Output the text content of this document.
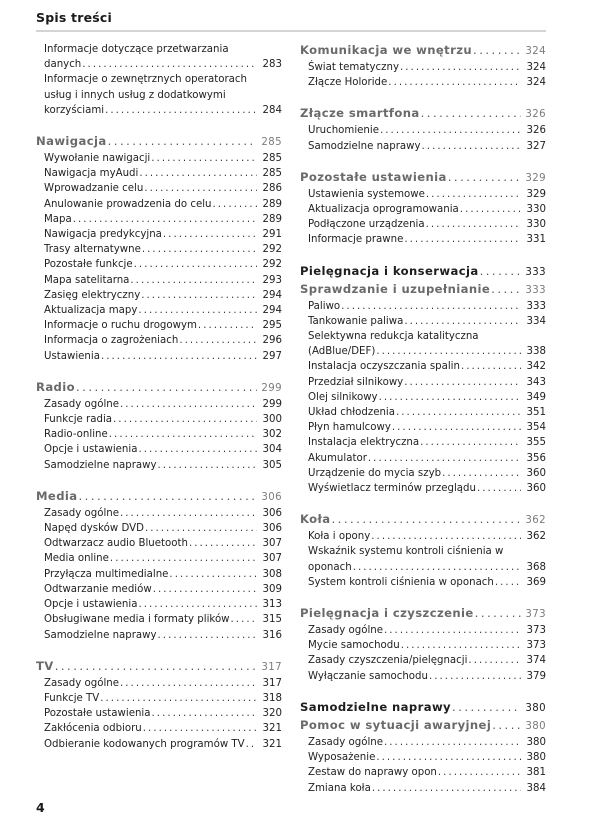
Spis treści
Informacje dotyczące przetwarzania
danych . . .	283
Informacje o zewnętrznych operatorach
usług i innych usług z dodatkowymi
korzyściami . . .	284
Nawigacja . . .	285
Wywołanie nawigacji . . .	285
Nawigacja myAudi . . .	285
Wprowadzanie celu . . .	286
Anulowanie prowadzenia do celu . . .	289
Mapa . . .	289
Nawigacja predykcyjna . . .	291
Trasy alternatywne . . .	292
Pozostałe funkcje . . .	292
Mapa satelitarna . . .	293
Zasięg elektryczny . . .	294
Aktualizacja mapy . . .	294
Informacje o ruchu drogowym . . .	295
Informacja o zagrożeniach . . .	296
Ustawienia . . .	297
Radio . . .	299
Zasady ogólne . . .	299
Funkcje radia . . .	300
Radio-online . . .	302
Opcje i ustawienia . . .	304
Samodzielne naprawy . . .	305
Media . . .	306
Zasady ogólne . . .	306
Napęd dysków DVD . . .	306
Odtwarzacz audio Bluetooth . . .	307
Media online . . .	307
Przyłącza multimedialne . . .	308
Odtwarzanie mediów . . .	309
Opcje i ustawienia . . .	313
Obsługiwane media i formaty plików . . .	315
Samodzielne naprawy . . .	316
TV . . .	317
Zasady ogólne . . .	317
Funkcje TV . . .	318
Pozostałe ustawienia . . .	320
Zakłócenia odbioru . . .	321
Odbieranie kodowanych programów TV . . . 321
Komunikacja we wnętrzu . . .	324
Świat tematyczny . . .	324
Złącze Holoride . . .	324
Złącze smartfona . . .	326
Uruchomienie . . .	326
Samodzielne naprawy . . .	327
Pozostałe ustawienia . . .	329
Ustawienia systemowe . . .	329
Aktualizacja oprogramowania . . .	330
Podłączone urządzenia . . .	330
Informacje prawne . . .	331
Pielęgnacja i konserwacja . . .	333
Sprawdzanie i uzupełnianie . . .	333
Paliwo . . .	333
Tankowanie paliwa . . .	334
Selektywna redukcja katalityczna
(AdBlue/DEF) . . .	338
Instalacja oczyszczania spalin . . .	342
Przedział silnikowy . . .	343
Olej silnikowy . . .	349
Układ chłodzenia . . .	351
Płyn hamulcowy . . .	354
Instalacja elektryczna . . .	355
Akumulator . . .	356
Urządzenie do mycia szyb . . .	360
Wyświetlacz terminów przeglądu . . .	360
Koła . . .	362
Koła i opony . . .	362
Wskaźnik systemu kontroli ciśnienia w
oponach . . .	368
System kontroli ciśnienia w oponach . . .	369
Pielęgnacja i czyszczenie . . .	373
Zasady ogólne . . .	373
Mycie samochodu . . .	373
Zasady czyszczenia/pielęgnacji . . .	374
Wyłączanie samochodu . . .	379
Samodzielne naprawy . . .	380
Pomoc w sytuacji awaryjnej . . .	380
Zasady ogólne . . .	380
Wyposażenie . . .	380
Zestaw do naprawy opon . . .	381
Zmiana koła . . .	384
4
